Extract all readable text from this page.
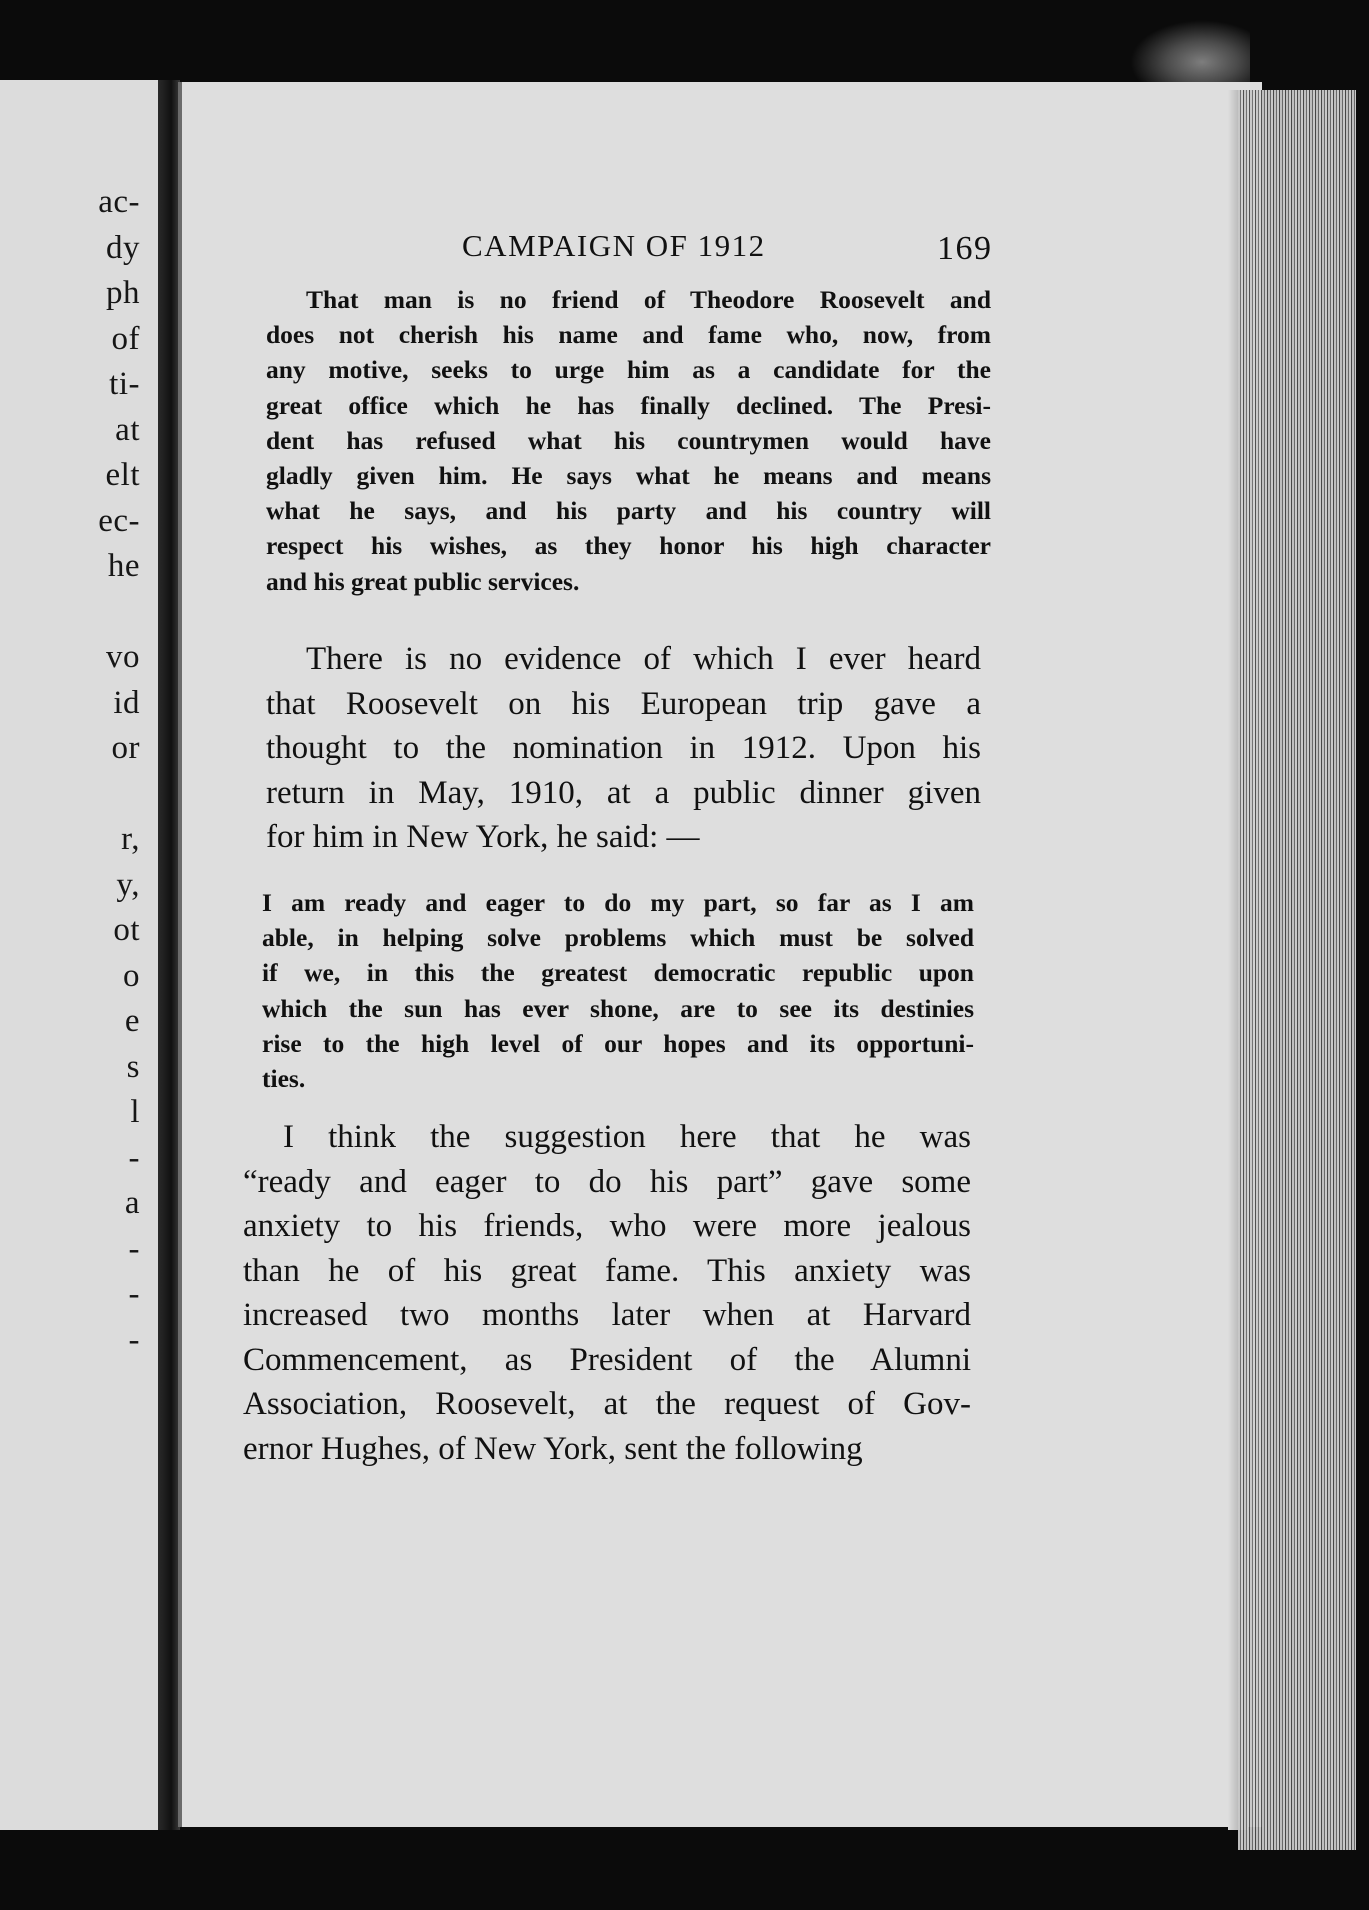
ac-
dy
ph
of
ti-
at
elt
ec-
he
vo
id
or
r,
y,
ot
o
e
s
l
-
a
-
-
-
CAMPAIGN OF 1912	169
That man is no friend of Theodore Roosevelt and
does not cherish his name and fame who, now, from
any motive, seeks to urge him as a candidate for the
great office which he has finally declined. The Presi-
dent has refused what his countrymen would have
gladly given him. He says what he means and means
what he says, and his party and his country will
respect his wishes, as they honor his high character
and his great public services.
There is no evidence of which I ever heard
that Roosevelt on his European trip gave a
thought to the nomination in 1912. Upon his
return in May, 1910, at a public dinner given
for him in New York, he said: —
I am ready and eager to do my part, so far as I am
able, in helping solve problems which must be solved
if we, in this the greatest democratic republic upon
which the sun has ever shone, are to see its destinies
rise to the high level of our hopes and its opportuni-
ties.
I think the suggestion here that he was
“ready and eager to do his part” gave some
anxiety to his friends, who were more jealous
than he of his great fame. This anxiety was
increased two months later when at Harvard
Commencement, as President of the Alumni
Association, Roosevelt, at the request of Gov-
ernor Hughes, of New York, sent the following
